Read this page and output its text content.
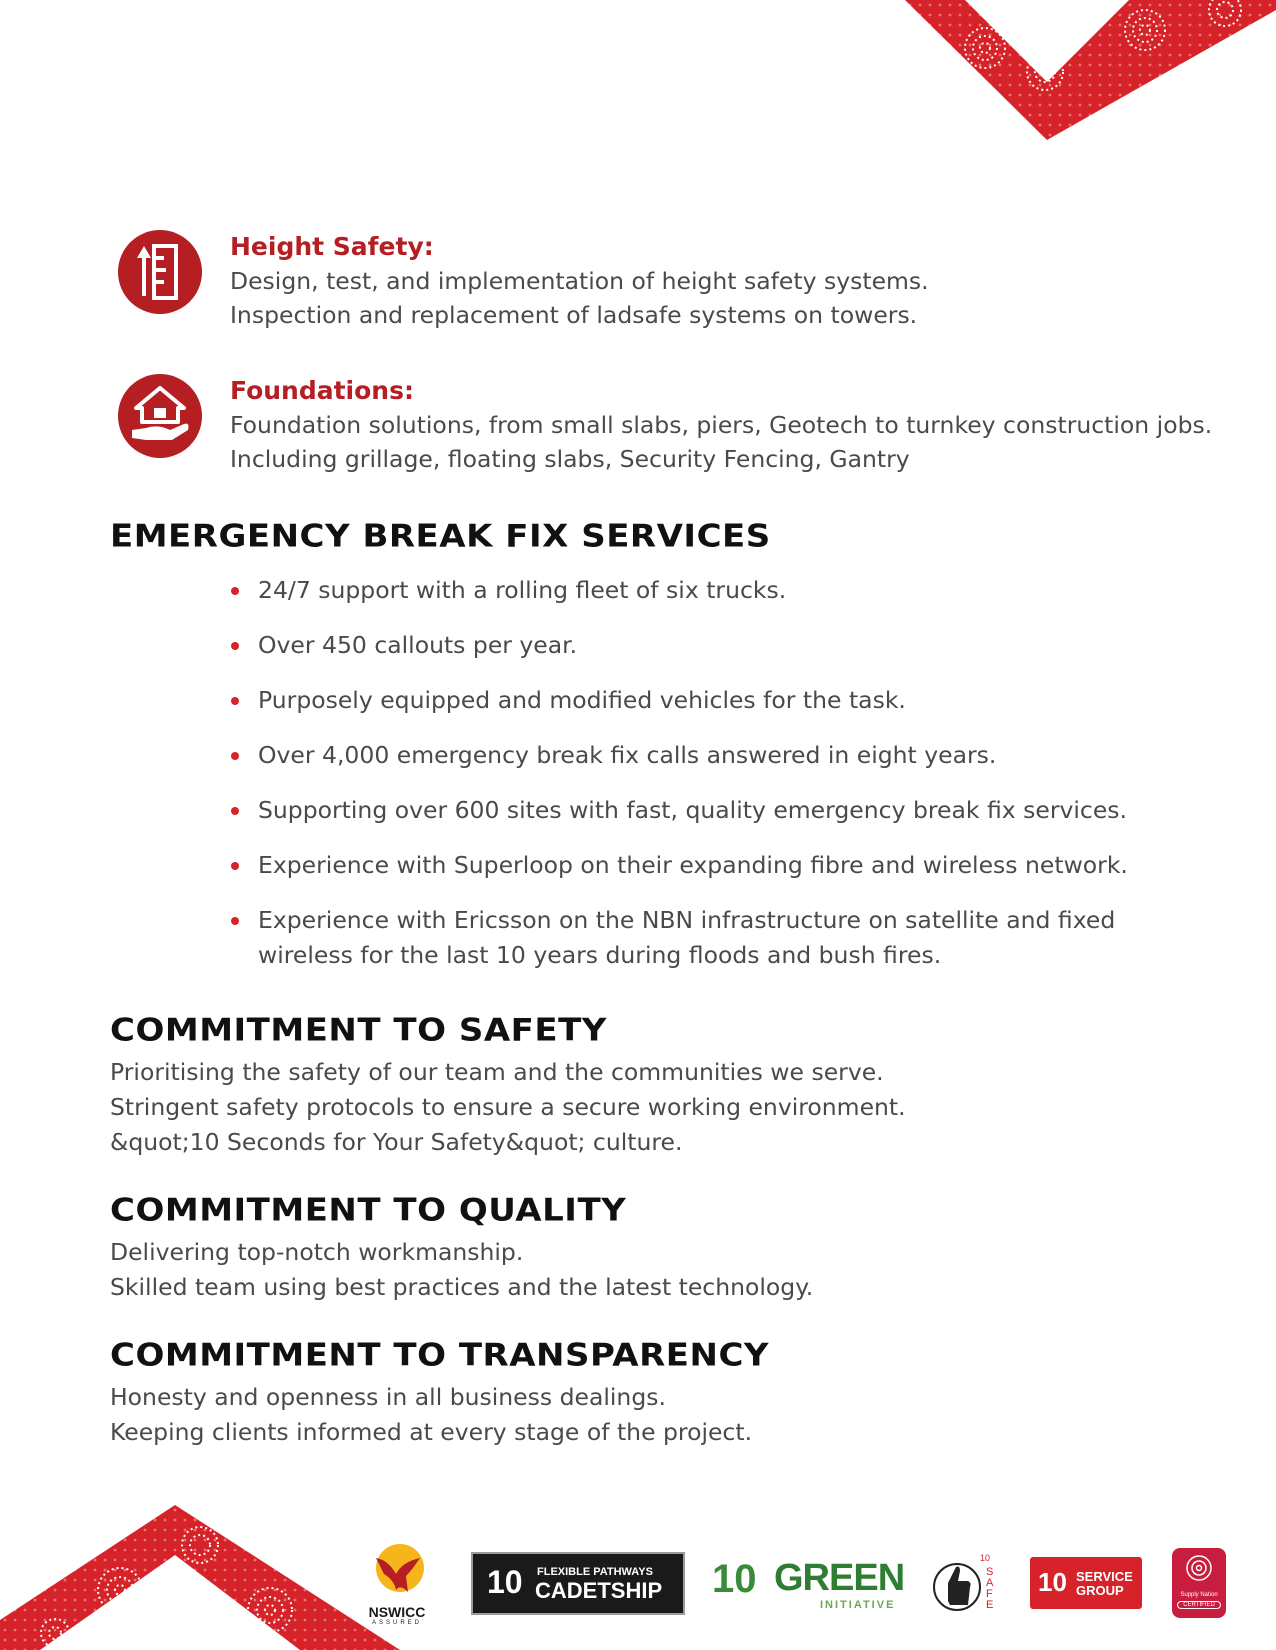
Height Safety:
Design, test, and implementation of height safety systems.
Inspection and replacement of ladsafe systems on towers.
Foundations:
Foundation solutions, from small slabs, piers, Geotech to turnkey construction jobs.
Including grillage, floating slabs, Security Fencing, Gantry
EMERGENCY BREAK FIX SERVICES
24/7 support with a rolling fleet of six trucks.
Over 450 callouts per year.
Purposely equipped and modified vehicles for the task.
Over 4,000 emergency break fix calls answered in eight years.
Supporting over 600 sites with fast, quality emergency break fix services.
Experience with Superloop on their expanding fibre and wireless network.
Experience with Ericsson on the NBN infrastructure on satellite and fixed wireless for the last 10 years during floods and bush fires.
COMMITMENT TO SAFETY
Prioritising the safety of our team and the communities we serve.
Stringent safety protocols to ensure a secure working environment.
&quot;10 Seconds for Your Safety&quot; culture.
COMMITMENT TO QUALITY
Delivering top-notch workmanship.
Skilled team using best practices and the latest technology.
COMMITMENT TO TRANSPARENCY
Honesty and openness in all business dealings.
Keeping clients informed at every stage of the project.
NSWICC
ASSURED
10 FLEXIBLE PATHWAYS
CADETSHIP 10 GREEN
INITIATIVE
10
SAFE
10 SERVICE
GROUP	Supply Nation
CERTIFIED
